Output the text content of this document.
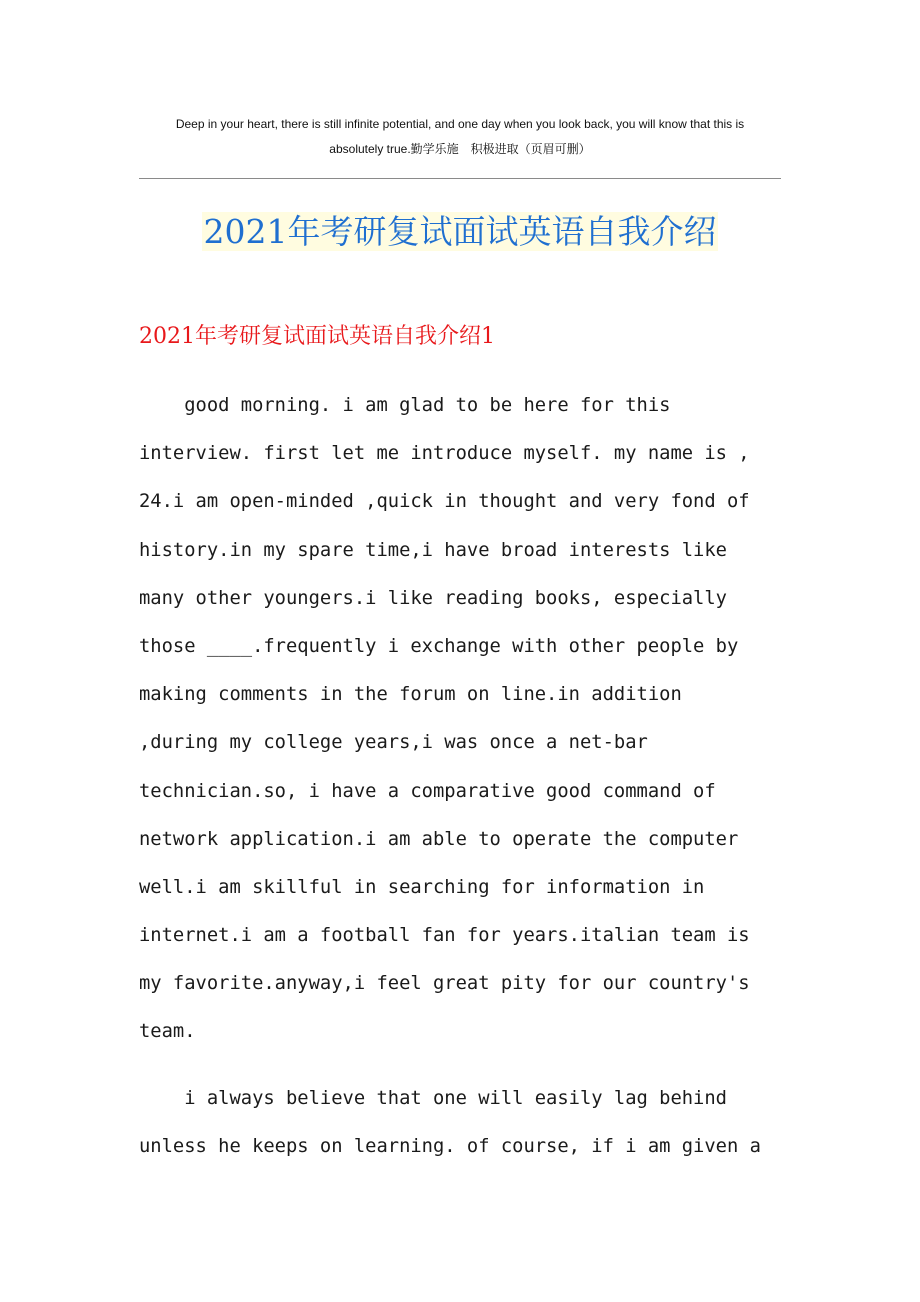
Deep in your heart, there is still infinite potential, and one day when you look back, you will know that this is
absolutely true.勤学乐施　积极进取（页眉可删）
2021年考研复试面试英语自我介绍
2021年考研复试面试英语自我介绍1
good morning. i am glad to be here for this
interview. first let me introduce myself. my name is ,
24.i am open-minded ,quick in thought and very fond of
history.in my spare time,i have broad interests like
many other youngers.i like reading books, especially
those ____.frequently i exchange with other people by
making comments in the forum on line.in addition
,during my college years,i was once a net-bar
technician.so, i have a comparative good command of
network application.i am able to operate the computer
well.i am skillful in searching for information in
internet.i am a football fan for years.italian team is
my favorite.anyway,i feel great pity for our country's
team.
i always believe that one will easily lag behind
unless he keeps on learning. of course, if i am given a
